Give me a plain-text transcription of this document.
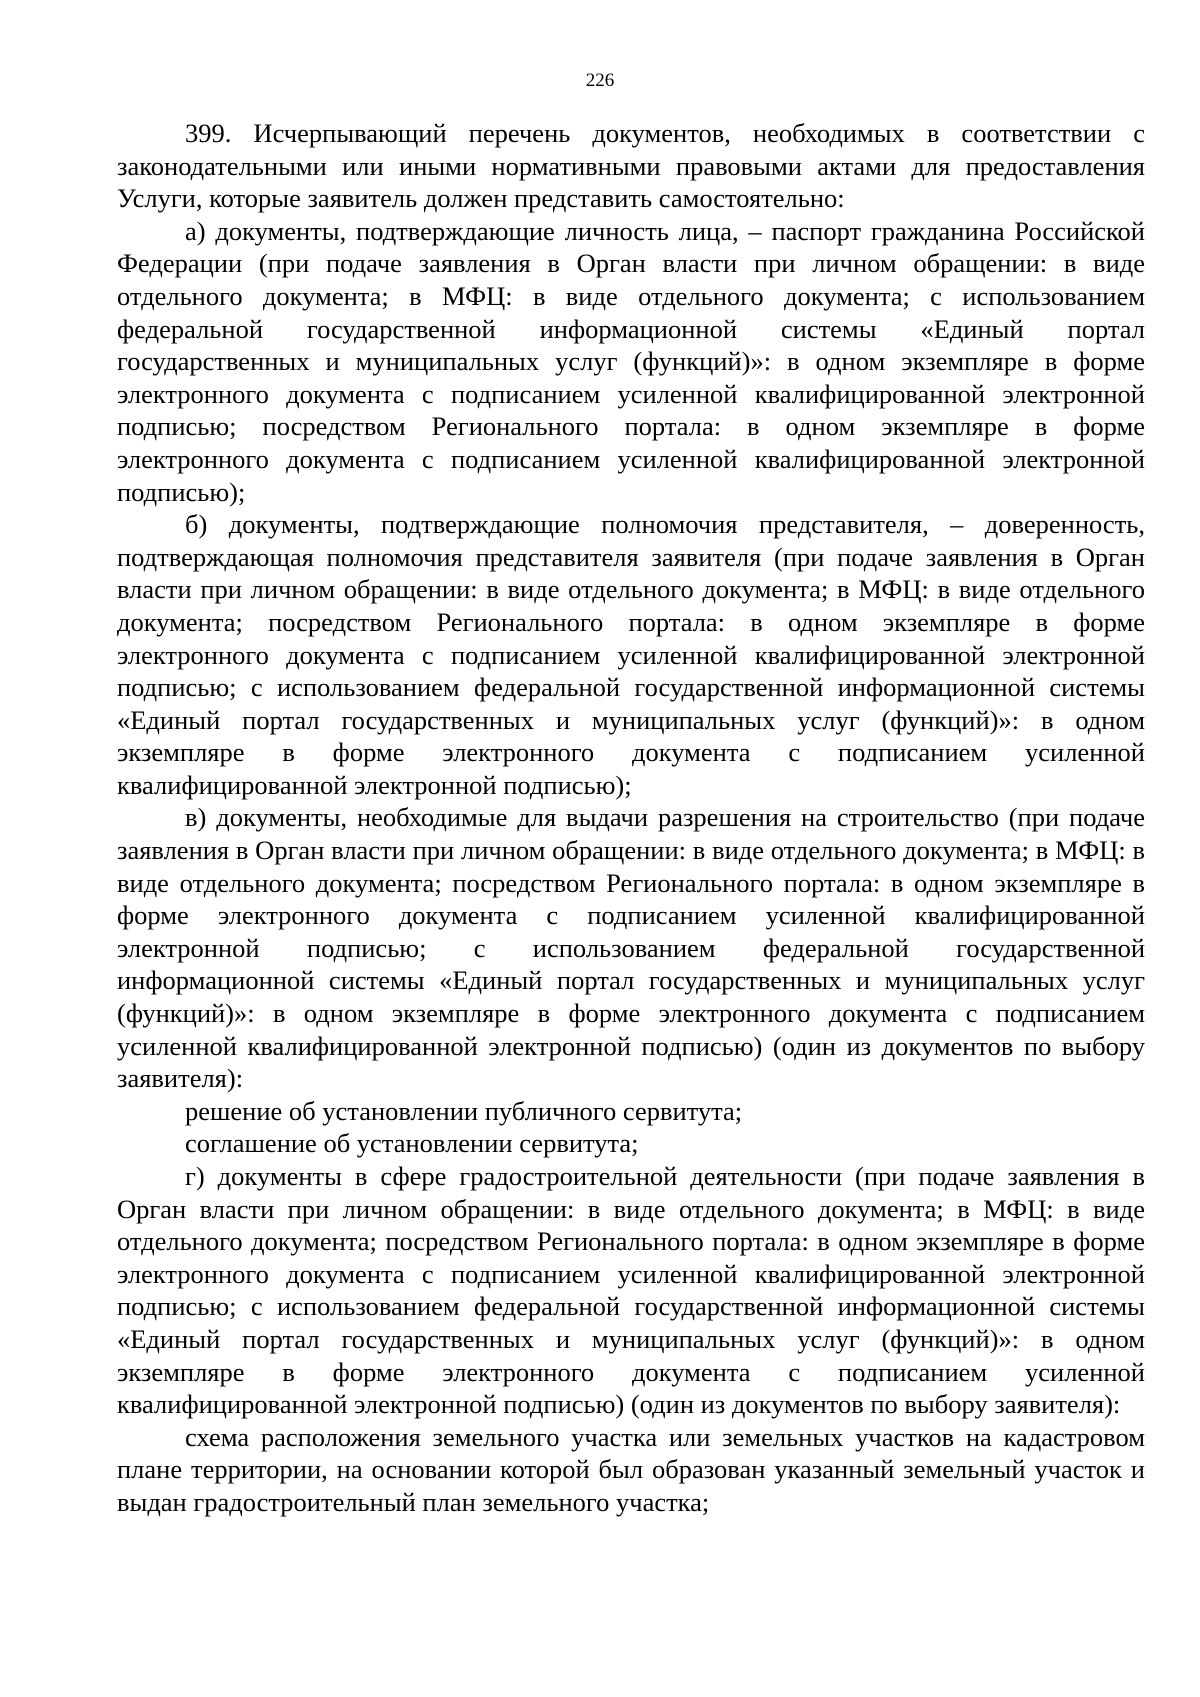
226

399. Исчерпывающий перечень документов, необходимых в соответствии с законодательными или иными нормативными правовыми актами для предоставления Услуги, которые заявитель должен представить самостоятельно:

а) документы, подтверждающие личность лица, – паспорт гражданина Российской Федерации (при подаче заявления в Орган власти при личном обращении: в виде отдельного документа; в МФЦ: в виде отдельного документа; с использованием федеральной государственной информационной системы «Единый портал государственных и муниципальных услуг (функций)»: в одном экземпляре в форме электронного документа с подписанием усиленной квалифицированной электронной подписью; посредством Регионального портала: в одном экземпляре в форме электронного документа с подписанием усиленной квалифицированной электронной подписью);

б) документы, подтверждающие полномочия представителя, – доверенность, подтверждающая полномочия представителя заявителя (при подаче заявления в Орган власти при личном обращении: в виде отдельного документа; в МФЦ: в виде отдельного документа; посредством Регионального портала: в одном экземпляре в форме электронного документа с подписанием усиленной квалифицированной электронной подписью; с использованием федеральной государственной информационной системы «Единый портал государственных и муниципальных услуг (функций)»: в одном экземпляре в форме электронного документа с подписанием усиленной квалифицированной электронной подписью);

в) документы, необходимые для выдачи разрешения на строительство (при подаче заявления в Орган власти при личном обращении: в виде отдельного документа; в МФЦ: в виде отдельного документа; посредством Регионального портала: в одном экземпляре в форме электронного документа с подписанием усиленной квалифицированной электронной подписью; с использованием федеральной государственной информационной системы «Единый портал государственных и муниципальных услуг (функций)»: в одном экземпляре в форме электронного документа с подписанием усиленной квалифицированной электронной подписью) (один из документов по выбору заявителя):

решение об установлении публичного сервитута;

соглашение об установлении сервитута;

г) документы в сфере градостроительной деятельности (при подаче заявления в Орган власти при личном обращении: в виде отдельного документа; в МФЦ: в виде отдельного документа; посредством Регионального портала: в одном экземпляре в форме электронного документа с подписанием усиленной квалифицированной электронной подписью; с использованием федеральной государственной информационной системы «Единый портал государственных и муниципальных услуг (функций)»: в одном экземпляре в форме электронного документа с подписанием усиленной квалифицированной электронной подписью) (один из документов по выбору заявителя):

схема расположения земельного участка или земельных участков на кадастровом плане территории, на основании которой был образован указанный земельный участок и выдан градостроительный план земельного участка;
